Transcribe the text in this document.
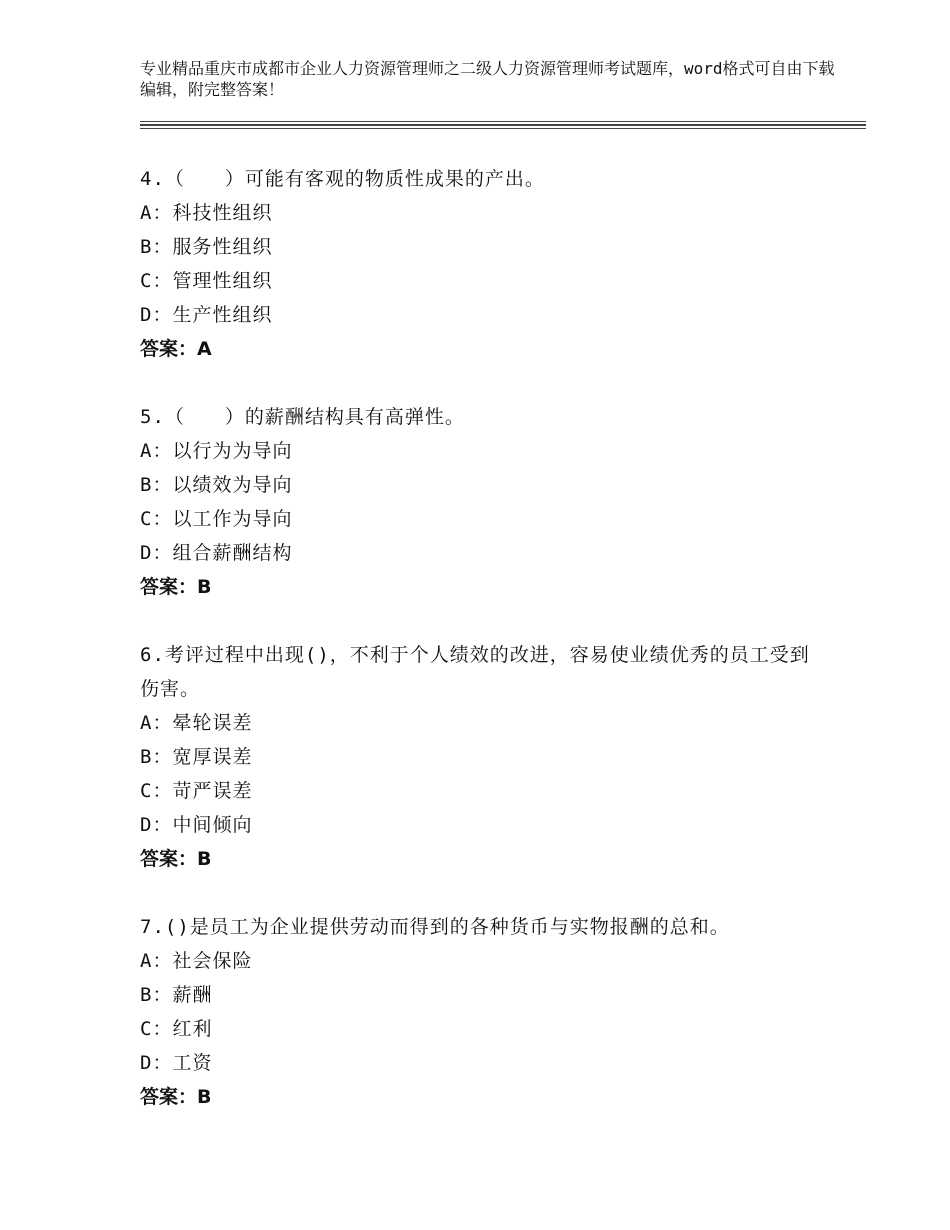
专业精品重庆市成都市企业人力资源管理师之二级人力资源管理师考试题库，word格式可自由下载编辑，附完整答案！
4.（　　）可能有客观的物质性成果的产出。
A：科技性组织
B：服务性组织
C：管理性组织
D：生产性组织
答案：A
5.（　　）的薪酬结构具有高弹性。
A：以行为为导向
B：以绩效为导向
C：以工作为导向
D：组合薪酬结构
答案：B
6.考评过程中出现()，不利于个人绩效的改进，容易使业绩优秀的员工受到伤害。
A：晕轮误差
B：宽厚误差
C：苛严误差
D：中间倾向
答案：B
7.()是员工为企业提供劳动而得到的各种货币与实物报酬的总和。
A：社会保险
B：薪酬
C：红利
D：工资
答案：B
